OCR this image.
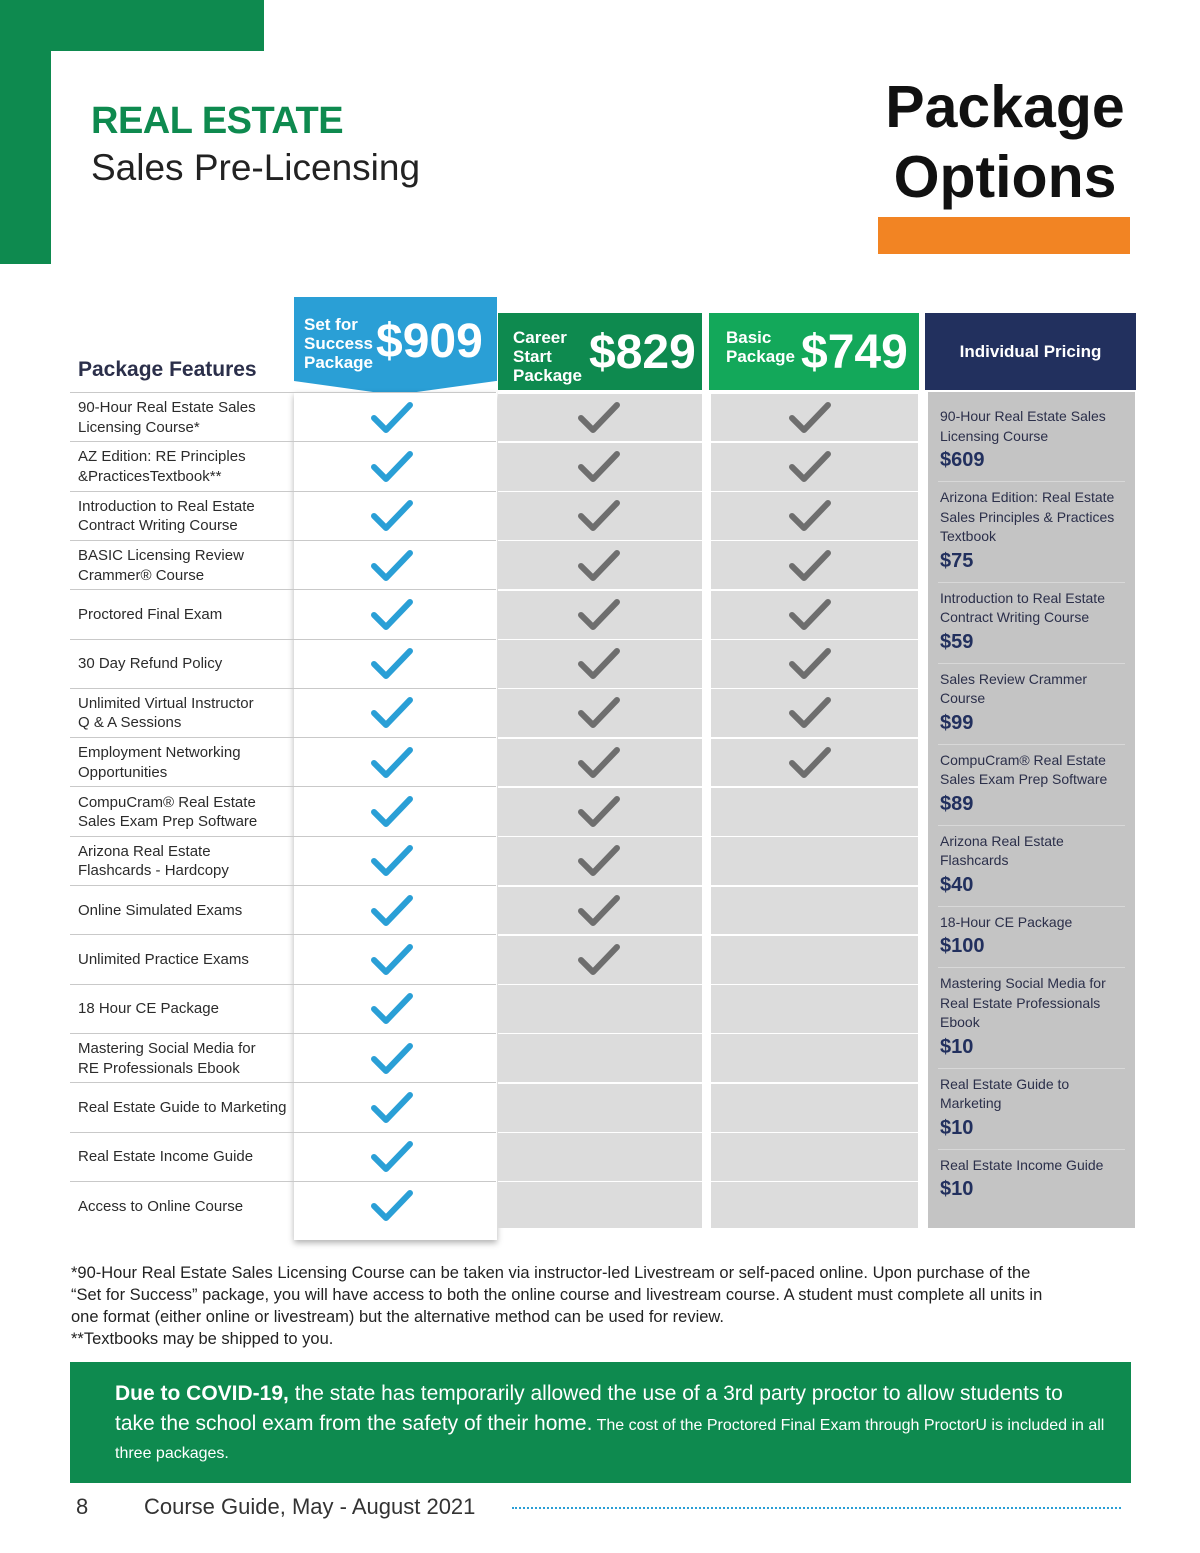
REAL ESTATE
Sales Pre-Licensing
Package
Options
Package Features
Set for
Success
Package $909 Career
Start
Package $829 Basic
Package $749	Individual Pricing
90-Hour Real Estate Sales
Licensing Course*
AZ Edition: RE Principles
&PracticesTextbook**
Introduction to Real Estate
Contract Writing Course
BASIC Licensing Review
Crammer® Course
Proctored Final Exam
30 Day Refund Policy
Unlimited Virtual Instructor
Q & A Sessions
Employment Networking
Opportunities
CompuCram® Real Estate
Sales Exam Prep Software
Arizona Real Estate
Flashcards - Hardcopy
Online Simulated Exams
Unlimited Practice Exams
18 Hour CE Package
Mastering Social Media for
RE Professionals Ebook
Real Estate Guide to Marketing
Real Estate Income Guide
Access to Online Course
90-Hour Real Estate Sales
Licensing Course
$609
Arizona Edition: Real Estate
Sales Principles & Practices
Textbook
$75
Introduction to Real Estate
Contract Writing Course
$59
Sales Review Crammer
Course
$99
CompuCram® Real Estate
Sales Exam Prep Software
$89
Arizona Real Estate
Flashcards
$40
18-Hour CE Package
$100
Mastering Social Media for
Real Estate Professionals
Ebook
$10
Real Estate Guide to
Marketing
$10
Real Estate Income Guide
$10
*90-Hour Real Estate Sales Licensing Course can be taken via instructor-led Livestream or self-paced online. Upon purchase of the
“Set for Success” package, you will have access to both the online course and livestream course. A student must complete all units in
one format (either online or livestream) but the alternative method can be used for review.
**Textbooks may be shipped to you.
Due to COVID-19, the state has temporarily allowed the use of a 3rd party proctor to allow students to take the school exam from the safety of their home. The cost of the Proctored Final Exam through ProctorU is included in all three packages.
8	Course Guide, May - August 2021
